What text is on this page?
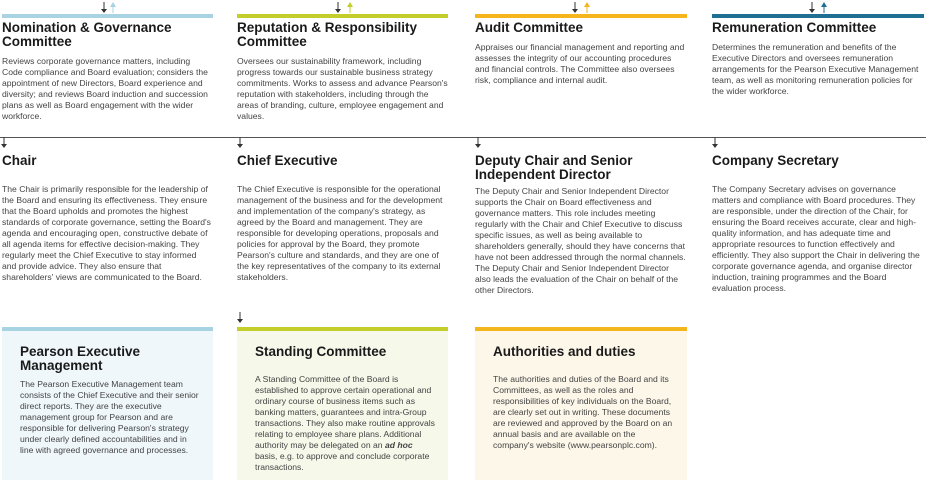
Nomination & Governance Committee
Reviews corporate governance matters, including Code compliance and Board evaluation; considers the appointment of new Directors, Board experience and diversity; and reviews Board induction and succession plans as well as Board engagement with the wider workforce.
Reputation & Responsibility Committee
Oversees our sustainability framework, including progress towards our sustainable business strategy commitments. Works to assess and advance Pearson's reputation with stakeholders, including through the areas of branding, culture, employee engagement and values.
Audit Committee
Appraises our financial management and reporting and assesses the integrity of our accounting procedures and financial controls. The Committee also oversees risk, compliance and internal audit.
Remuneration Committee
Determines the remuneration and benefits of the Executive Directors and oversees remuneration arrangements for the Pearson Executive Management team, as well as monitoring remuneration policies for the wider workforce.
Chair
The Chair is primarily responsible for the leadership of the Board and ensuring its effectiveness. They ensure that the Board upholds and promotes the highest standards of corporate governance, setting the Board's agenda and encouraging open, constructive debate of all agenda items for effective decision-making. They regularly meet the Chief Executive to stay informed and provide advice. They also ensure that shareholders' views are communicated to the Board.
Chief Executive
The Chief Executive is responsible for the operational management of the business and for the development and implementation of the company's strategy, as agreed by the Board and management. They are responsible for developing operations, proposals and policies for approval by the Board, they promote Pearson's culture and standards, and they are one of the key representatives of the company to its external stakeholders.
Deputy Chair and Senior Independent Director
The Deputy Chair and Senior Independent Director supports the Chair on Board effectiveness and governance matters. This role includes meeting regularly with the Chair and Chief Executive to discuss specific issues, as well as being available to shareholders generally, should they have concerns that have not been addressed through the normal channels. The Deputy Chair and Senior Independent Director also leads the evaluation of the Chair on behalf of the other Directors.
Company Secretary
The Company Secretary advises on governance matters and compliance with Board procedures. They are responsible, under the direction of the Chair, for ensuring the Board receives accurate, clear and high-quality information, and has adequate time and appropriate resources to function effectively and efficiently. They also support the Chair in delivering the corporate governance agenda, and organise director induction, training programmes and the Board evaluation process.
Pearson Executive Management
The Pearson Executive Management team consists of the Chief Executive and their senior direct reports. They are the executive management group for Pearson and are responsible for delivering Pearson's strategy under clearly defined accountabilities and in line with agreed governance and processes.
Standing Committee
A Standing Committee of the Board is established to approve certain operational and ordinary course of business items such as banking matters, guarantees and intra-Group transactions. They also make routine approvals relating to employee share plans. Additional authority may be delegated on an ad hoc basis, e.g. to approve and conclude corporate transactions.
Authorities and duties
The authorities and duties of the Board and its Committees, as well as the roles and responsibilities of key individuals on the Board, are clearly set out in writing. These documents are reviewed and approved by the Board on an annual basis and are available on the company's website (www.pearsonplc.com).
